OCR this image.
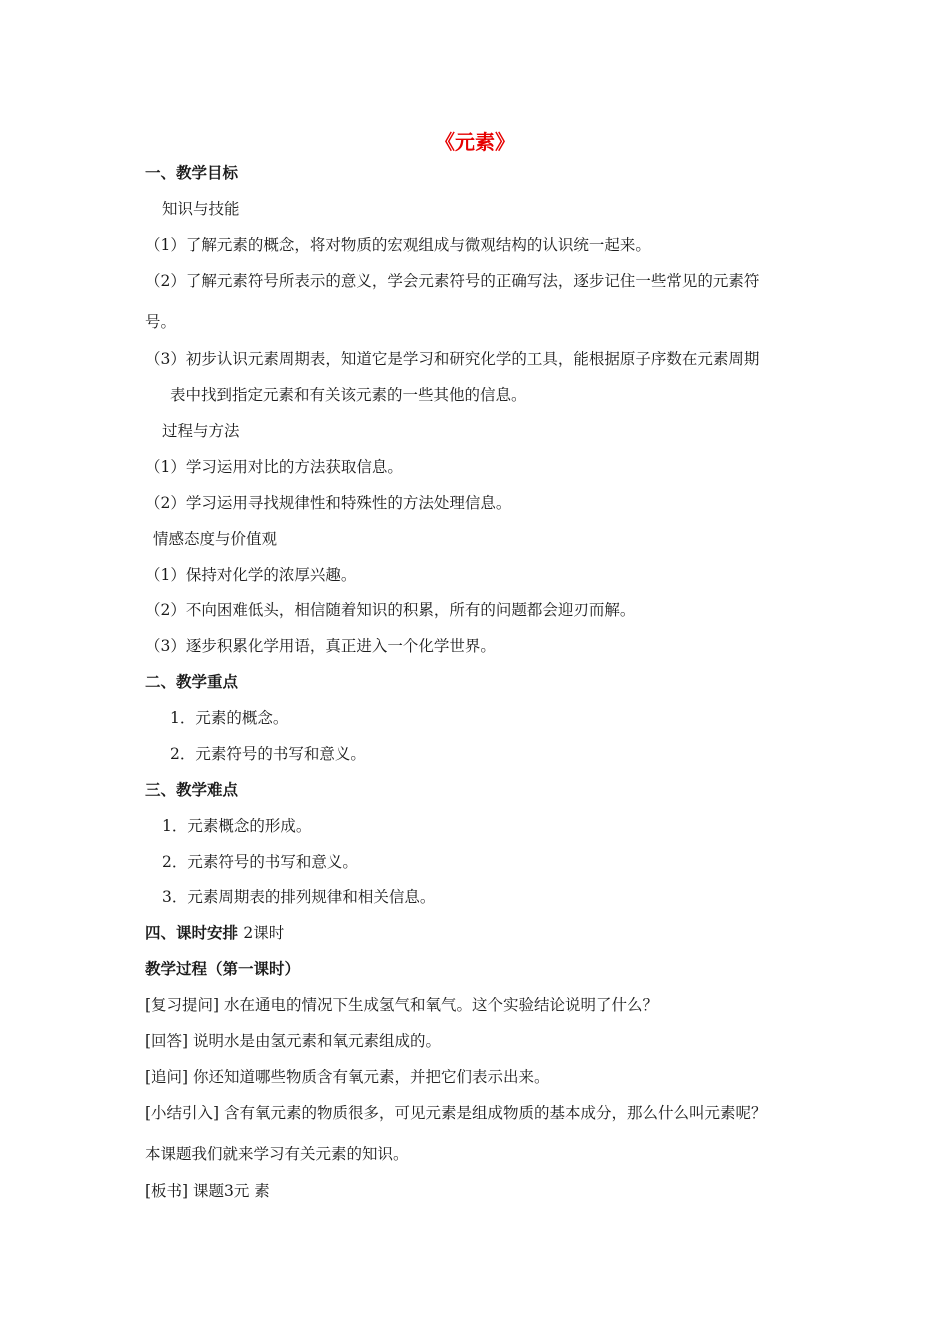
《元素》

一、教学目标

知识与技能

（1）了解元素的概念，将对物质的宏观组成与微观结构的认识统一起来。

（2）了解元素符号所表示的意义，学会元素符号的正确写法，逐步记住一些常见的元素符

号。

（3）初步认识元素周期表，知道它是学习和研究化学的工具，能根据原子序数在元素周期

表中找到指定元素和有关该元素的一些其他的信息。

过程与方法

（1）学习运用对比的方法获取信息。

（2）学习运用寻找规律性和特殊性的方法处理信息。

情感态度与价值观

（1）保持对化学的浓厚兴趣。

（2）不向困难低头，相信随着知识的积累，所有的问题都会迎刃而解。

（3）逐步积累化学用语，真正进入一个化学世界。

二、教学重点

1．元素的概念。

2．元素符号的书写和意义。

三、教学难点

1．元素概念的形成。

2．元素符号的书写和意义。

3．元素周期表的排列规律和相关信息。

四、课时安排 2课时

教学过程（第一课时）

[复习提问] 水在通电的情况下生成氢气和氧气。这个实验结论说明了什么？

[回答] 说明水是由氢元素和氧元素组成的。

[追问] 你还知道哪些物质含有氧元素，并把它们表示出来。

[小结引入] 含有氧元素的物质很多，可见元素是组成物质的基本成分，那么什么叫元素呢？

本课题我们就来学习有关元素的知识。

[板书] 课题3元 素
